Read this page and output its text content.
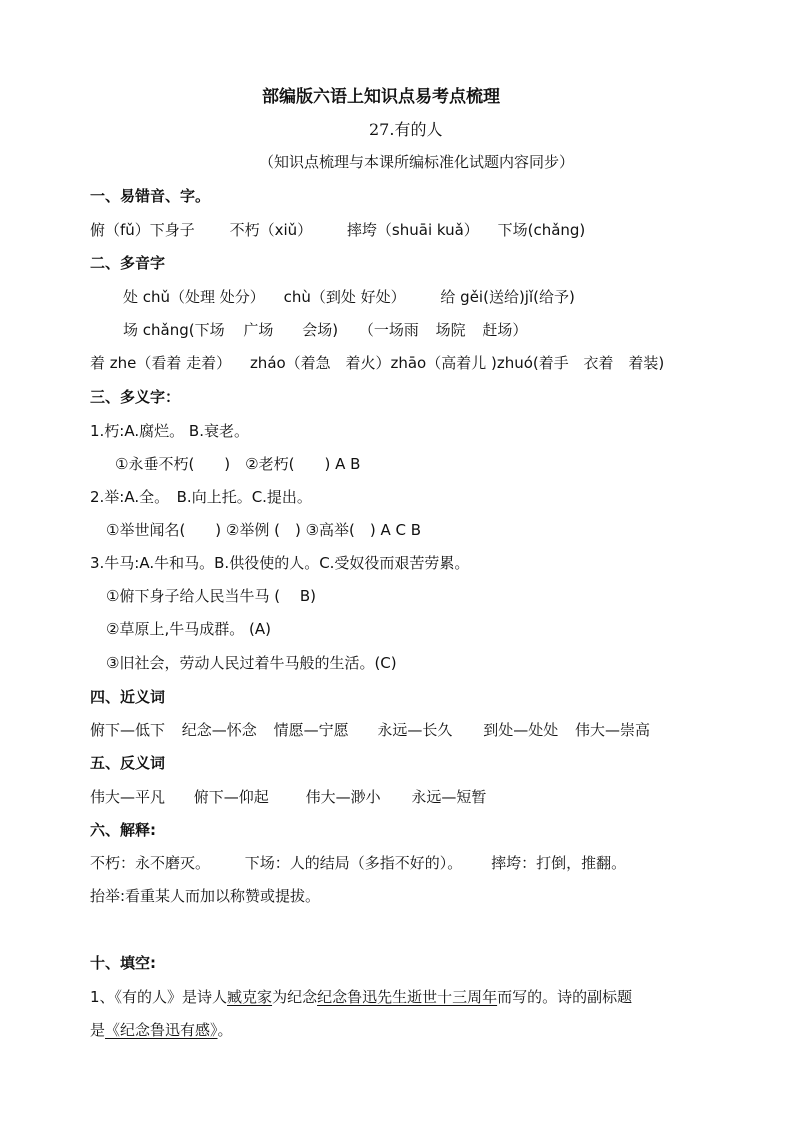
部编版六语上知识点易考点梳理
27.有的人
（知识点梳理与本课所编标准化试题内容同步）
一、易错音、字。
俯（fǔ）下身子 不朽（xiǔ） 摔垮（shuāi kuǎ） 下场(chǎng)
二、多音字
处 chǔ（处理 处分） chù（到处 好处） 给 gěi(送给)jǐ(给予)
场 chǎng(下场 广场 会场) （一场雨 场院 赶场）
着 zhe（看着 走着） zháo（着急 着火）zhāo（高着儿 )zhuó(着手 衣着 着装)
三、多义字：
1.朽:A.腐烂。 B.衰老。
①永垂不朽(　　)　②老朽(　　) A B
2.举:A.全。　B.向上托。C.提出。
①举世闻名(　　) ②举例 (　) ③高举(　) A C B
3.牛马:A.牛和马。B.供役使的人。C.受奴役而艰苦劳累。
①俯下身子给人民当牛马 (　 B)
②草原上,牛马成群。 (A)
③旧社会，劳动人民过着牛马般的生活。(C)
四、近义词
俯下—低下 纪念—怀念 情愿—宁愿 永远—长久 到处—处处 伟大—崇高
五、反义词
伟大—平凡 俯下—仰起 伟大—渺小 永远—短暂
六、解释:
不朽：永不磨灭。 下场：人的结局（多指不好的）。 摔垮：打倒，推翻。
抬举:看重某人而加以称赞或提拔。
十、填空:
1、《有的人》是诗人臧克家为纪念纪念鲁迅先生逝世十三周年而写的。诗的副标题
是《纪念鲁迅有感》。
